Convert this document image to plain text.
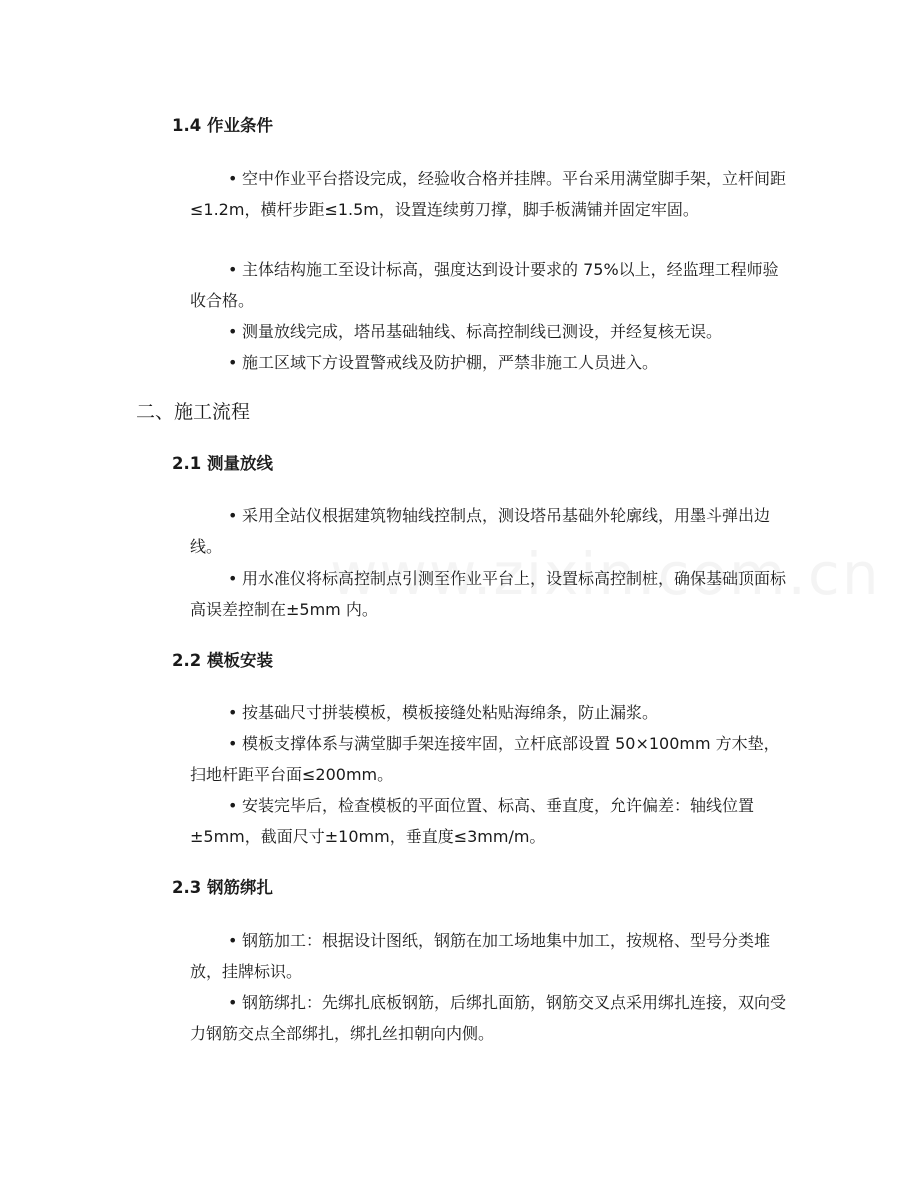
1.4 作业条件
空中作业平台搭设完成，经验收合格并挂牌。平台采用满堂脚手架，立杆间距≤1.2m，横杆步距≤1.5m，设置连续剪刀撑，脚手板满铺并固定牢固。
主体结构施工至设计标高，强度达到设计要求的 75%以上，经监理工程师验收合格。
测量放线完成，塔吊基础轴线、标高控制线已测设，并经复核无误。
施工区域下方设置警戒线及防护棚，严禁非施工人员进入。
•
•
•
•
二、施工流程
2.1 测量放线
采用全站仪根据建筑物轴线控制点，测设塔吊基础外轮廓线，用墨斗弹出边线。
用水准仪将标高控制点引测至作业平台上，设置标高控制桩，确保基础顶面标高误差控制在±5mm 内。
•
•
2.2 模板安装
按基础尺寸拼装模板，模板接缝处粘贴海绵条，防止漏浆。
模板支撑体系与满堂脚手架连接牢固，立杆底部设置 50×100mm 方木垫，扫地杆距平台面≤200mm。
安装完毕后，检查模板的平面位置、标高、垂直度，允许偏差：轴线位置±5mm，截面尺寸±10mm，垂直度≤3mm/m。
•
•
•
2.3 钢筋绑扎
钢筋加工：根据设计图纸，钢筋在加工场地集中加工，按规格、型号分类堆放，挂牌标识。
钢筋绑扎：先绑扎底板钢筋，后绑扎面筋，钢筋交叉点采用绑扎连接，双向受力钢筋交点全部绑扎，绑扎丝扣朝向内侧。
•
•
